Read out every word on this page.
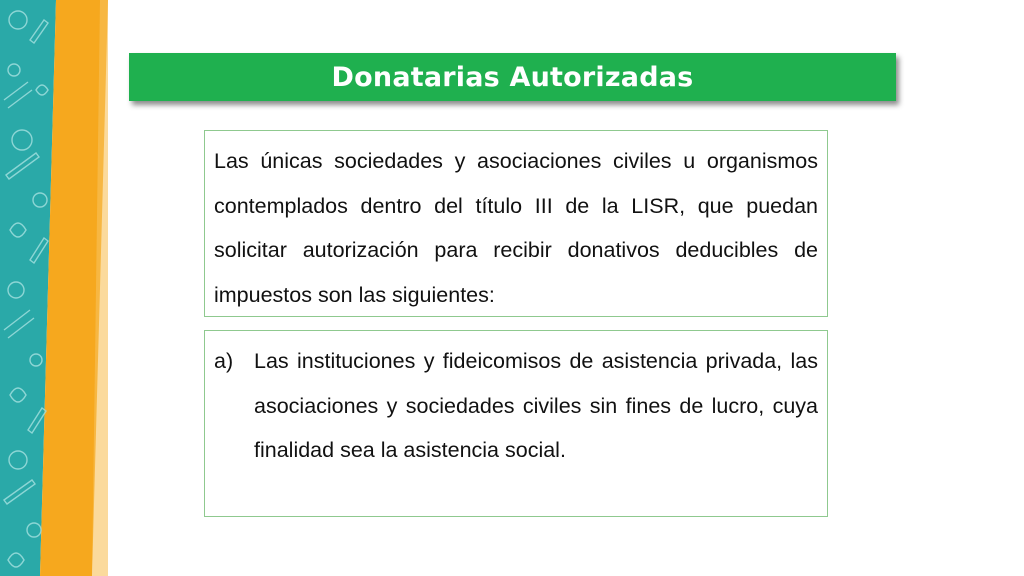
Donatarias Autorizadas

Las únicas sociedades y asociaciones civiles u organismos contemplados dentro del título III de la LISR, que puedan solicitar autorización para recibir donativos deducibles de impuestos son las siguientes:

a) Las instituciones y fideicomisos de asistencia privada, las asociaciones y sociedades civiles sin fines de lucro, cuya finalidad sea la asistencia social.
